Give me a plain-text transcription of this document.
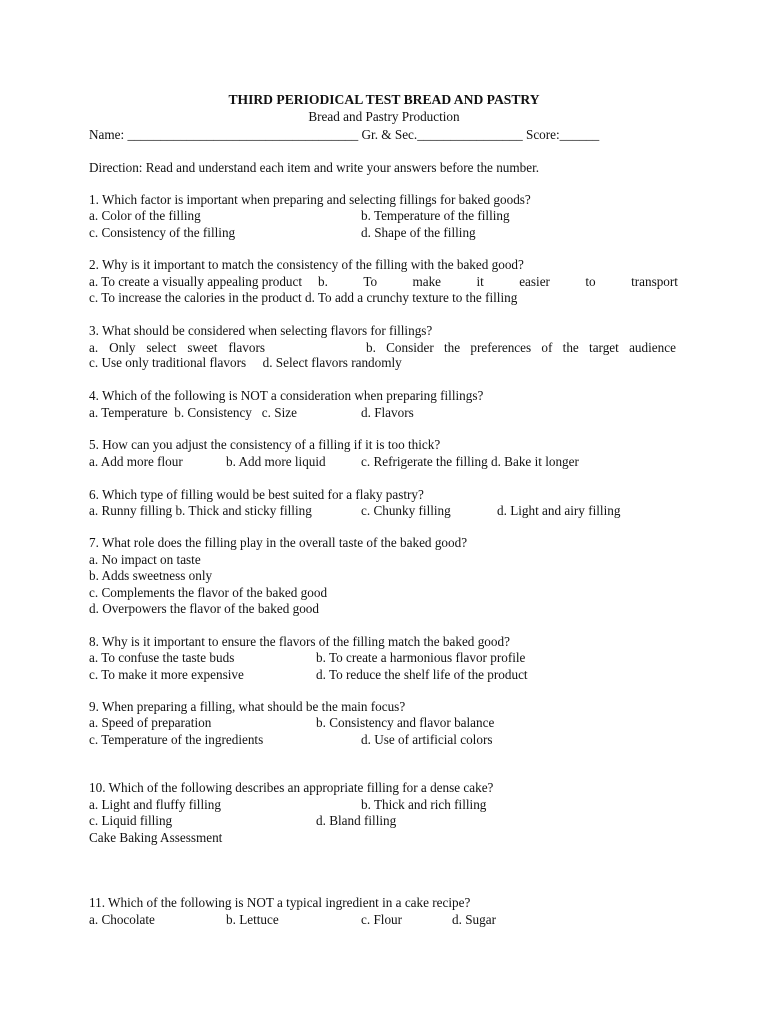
THIRD PERIODICAL TEST BREAD AND PASTRY
Bread and Pastry Production
Name: ___________________________________ Gr. & Sec.________________ Score:______
Direction: Read and understand each item and write your answers before the number.
1. Which factor is important when preparing and selecting fillings for baked goods?
a. Color of the filling	b. Temperature of the filling
c. Consistency of the filling	d. Shape of the filling
2. Why is it important to match the consistency of the filling with the baked good?
a. To create a visually appealing product b.	To	make	it	easier	to	transport
c. To increase the calories in the product d. To add a crunchy texture to the filling
3. What should be considered when selecting flavors for fillings?
a. Only select sweet flavors	b. Consider the preferences of the target audience
c. Use only traditional flavors     d. Select flavors randomly
4. Which of the following is NOT a consideration when preparing fillings?
a. Temperature  b. Consistency   c. Size	d. Flavors
5. How can you adjust the consistency of a filling if it is too thick?
a. Add more flour	b. Add more liquid	c. Refrigerate the filling d. Bake it longer
6. Which type of filling would be best suited for a flaky pastry?
a. Runny filling b. Thick and sticky filling	c. Chunky filling	d. Light and airy filling
7. What role does the filling play in the overall taste of the baked good?
a. No impact on taste
b. Adds sweetness only
c. Complements the flavor of the baked good
d. Overpowers the flavor of the baked good
8. Why is it important to ensure the flavors of the filling match the baked good?
a. To confuse the taste buds	b. To create a harmonious flavor profile
c. To make it more expensive	d. To reduce the shelf life of the product
9. When preparing a filling, what should be the main focus?
a. Speed of preparation	b. Consistency and flavor balance
c. Temperature of the ingredients	d. Use of artificial colors
10. Which of the following describes an appropriate filling for a dense cake?
a. Light and fluffy filling	b. Thick and rich filling
c. Liquid filling	d. Bland filling
Cake Baking Assessment
11. Which of the following is NOT a typical ingredient in a cake recipe?
a. Chocolate	b. Lettuce	c. Flour	d. Sugar
